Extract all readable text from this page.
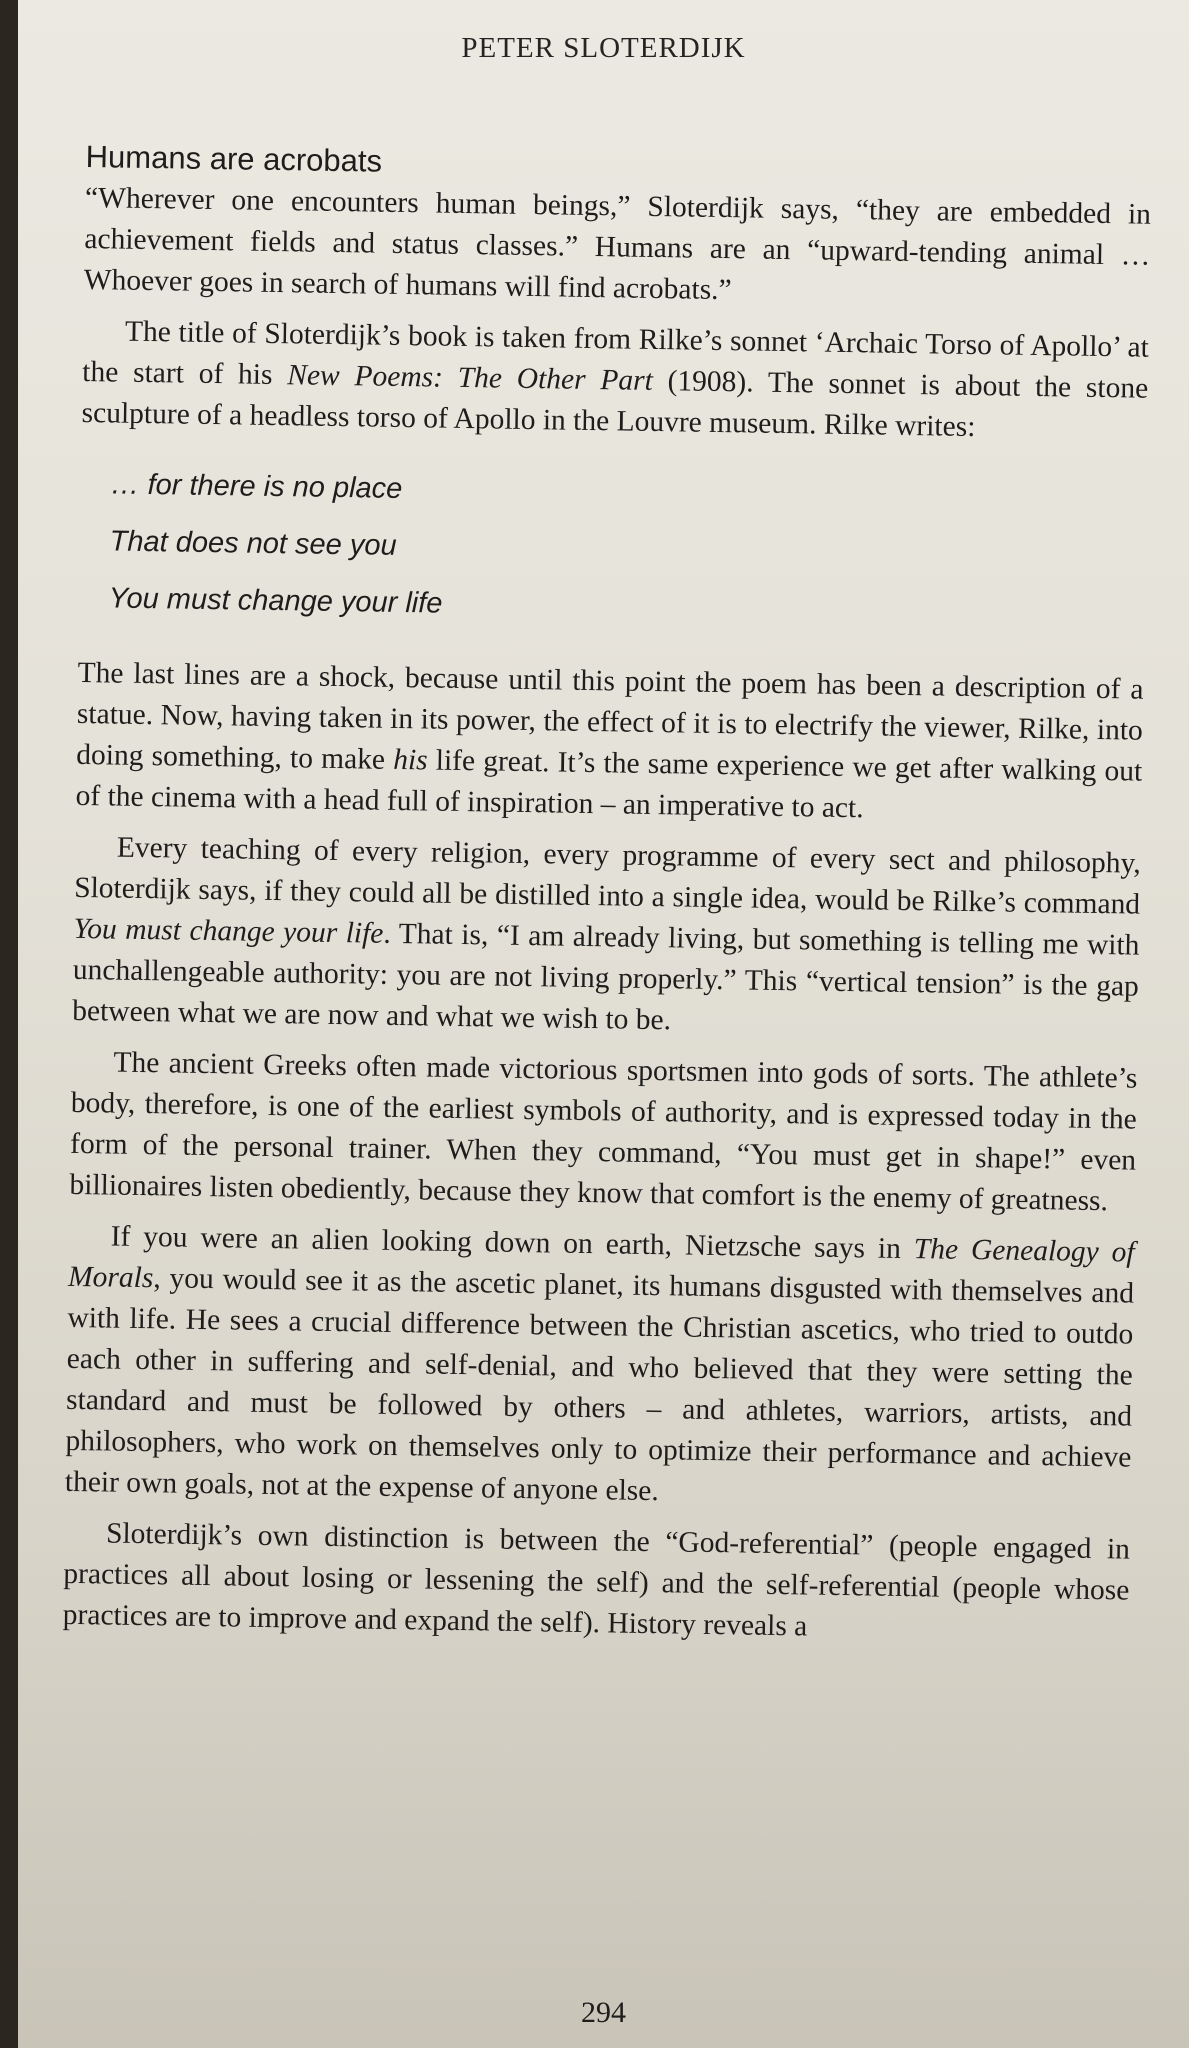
PETER SLOTERDIJK
Humans are acrobats

“Wherever one encounters human beings,” Sloterdijk says, “they are embedded in achievement fields and status classes.” Humans are an “upward-tending animal …Whoever goes in search of humans will find acrobats.”

The title of Sloterdijk’s book is taken from Rilke’s sonnet ‘Archaic Torso of Apollo’ at the start of his New Poems: The Other Part (1908). The sonnet is about the stone sculpture of a headless torso of Apollo in the Louvre museum. Rilke writes:

… for there is no place
That does not see you
You must change your life

The last lines are a shock, because until this point the poem has been a description of a statue. Now, having taken in its power, the effect of it is to electrify the viewer, Rilke, into doing something, to make his life great. It’s the same experience we get after walking out of the cinema with a head full of inspiration – an imperative to act.

Every teaching of every religion, every programme of every sect and philosophy, Sloterdijk says, if they could all be distilled into a single idea, would be Rilke’s command You must change your life. That is, “I am already living, but something is telling me with unchallengeable authority: you are not living properly.” This “vertical tension” is the gap between what we are now and what we wish to be.

The ancient Greeks often made victorious sportsmen into gods of sorts. The athlete’s body, therefore, is one of the earliest symbols of authority, and is expressed today in the form of the personal trainer. When they command, “You must get in shape!” even billionaires listen obediently, because they know that comfort is the enemy of greatness.

If you were an alien looking down on earth, Nietzsche says in The Genealogy of Morals, you would see it as the ascetic planet, its humans disgusted with themselves and with life. He sees a crucial difference between the Christian ascetics, who tried to outdo each other in suffering and self-denial, and who believed that they were setting the standard and must be followed by others – and athletes, warriors, artists, and philosophers, who work on themselves only to optimize their performance and achieve their own goals, not at the expense of anyone else.

Sloterdijk’s own distinction is between the “God-referential” (people engaged in practices all about losing or lessening the self) and the self-referential (people whose practices are to improve and expand the self). History reveals a

294
